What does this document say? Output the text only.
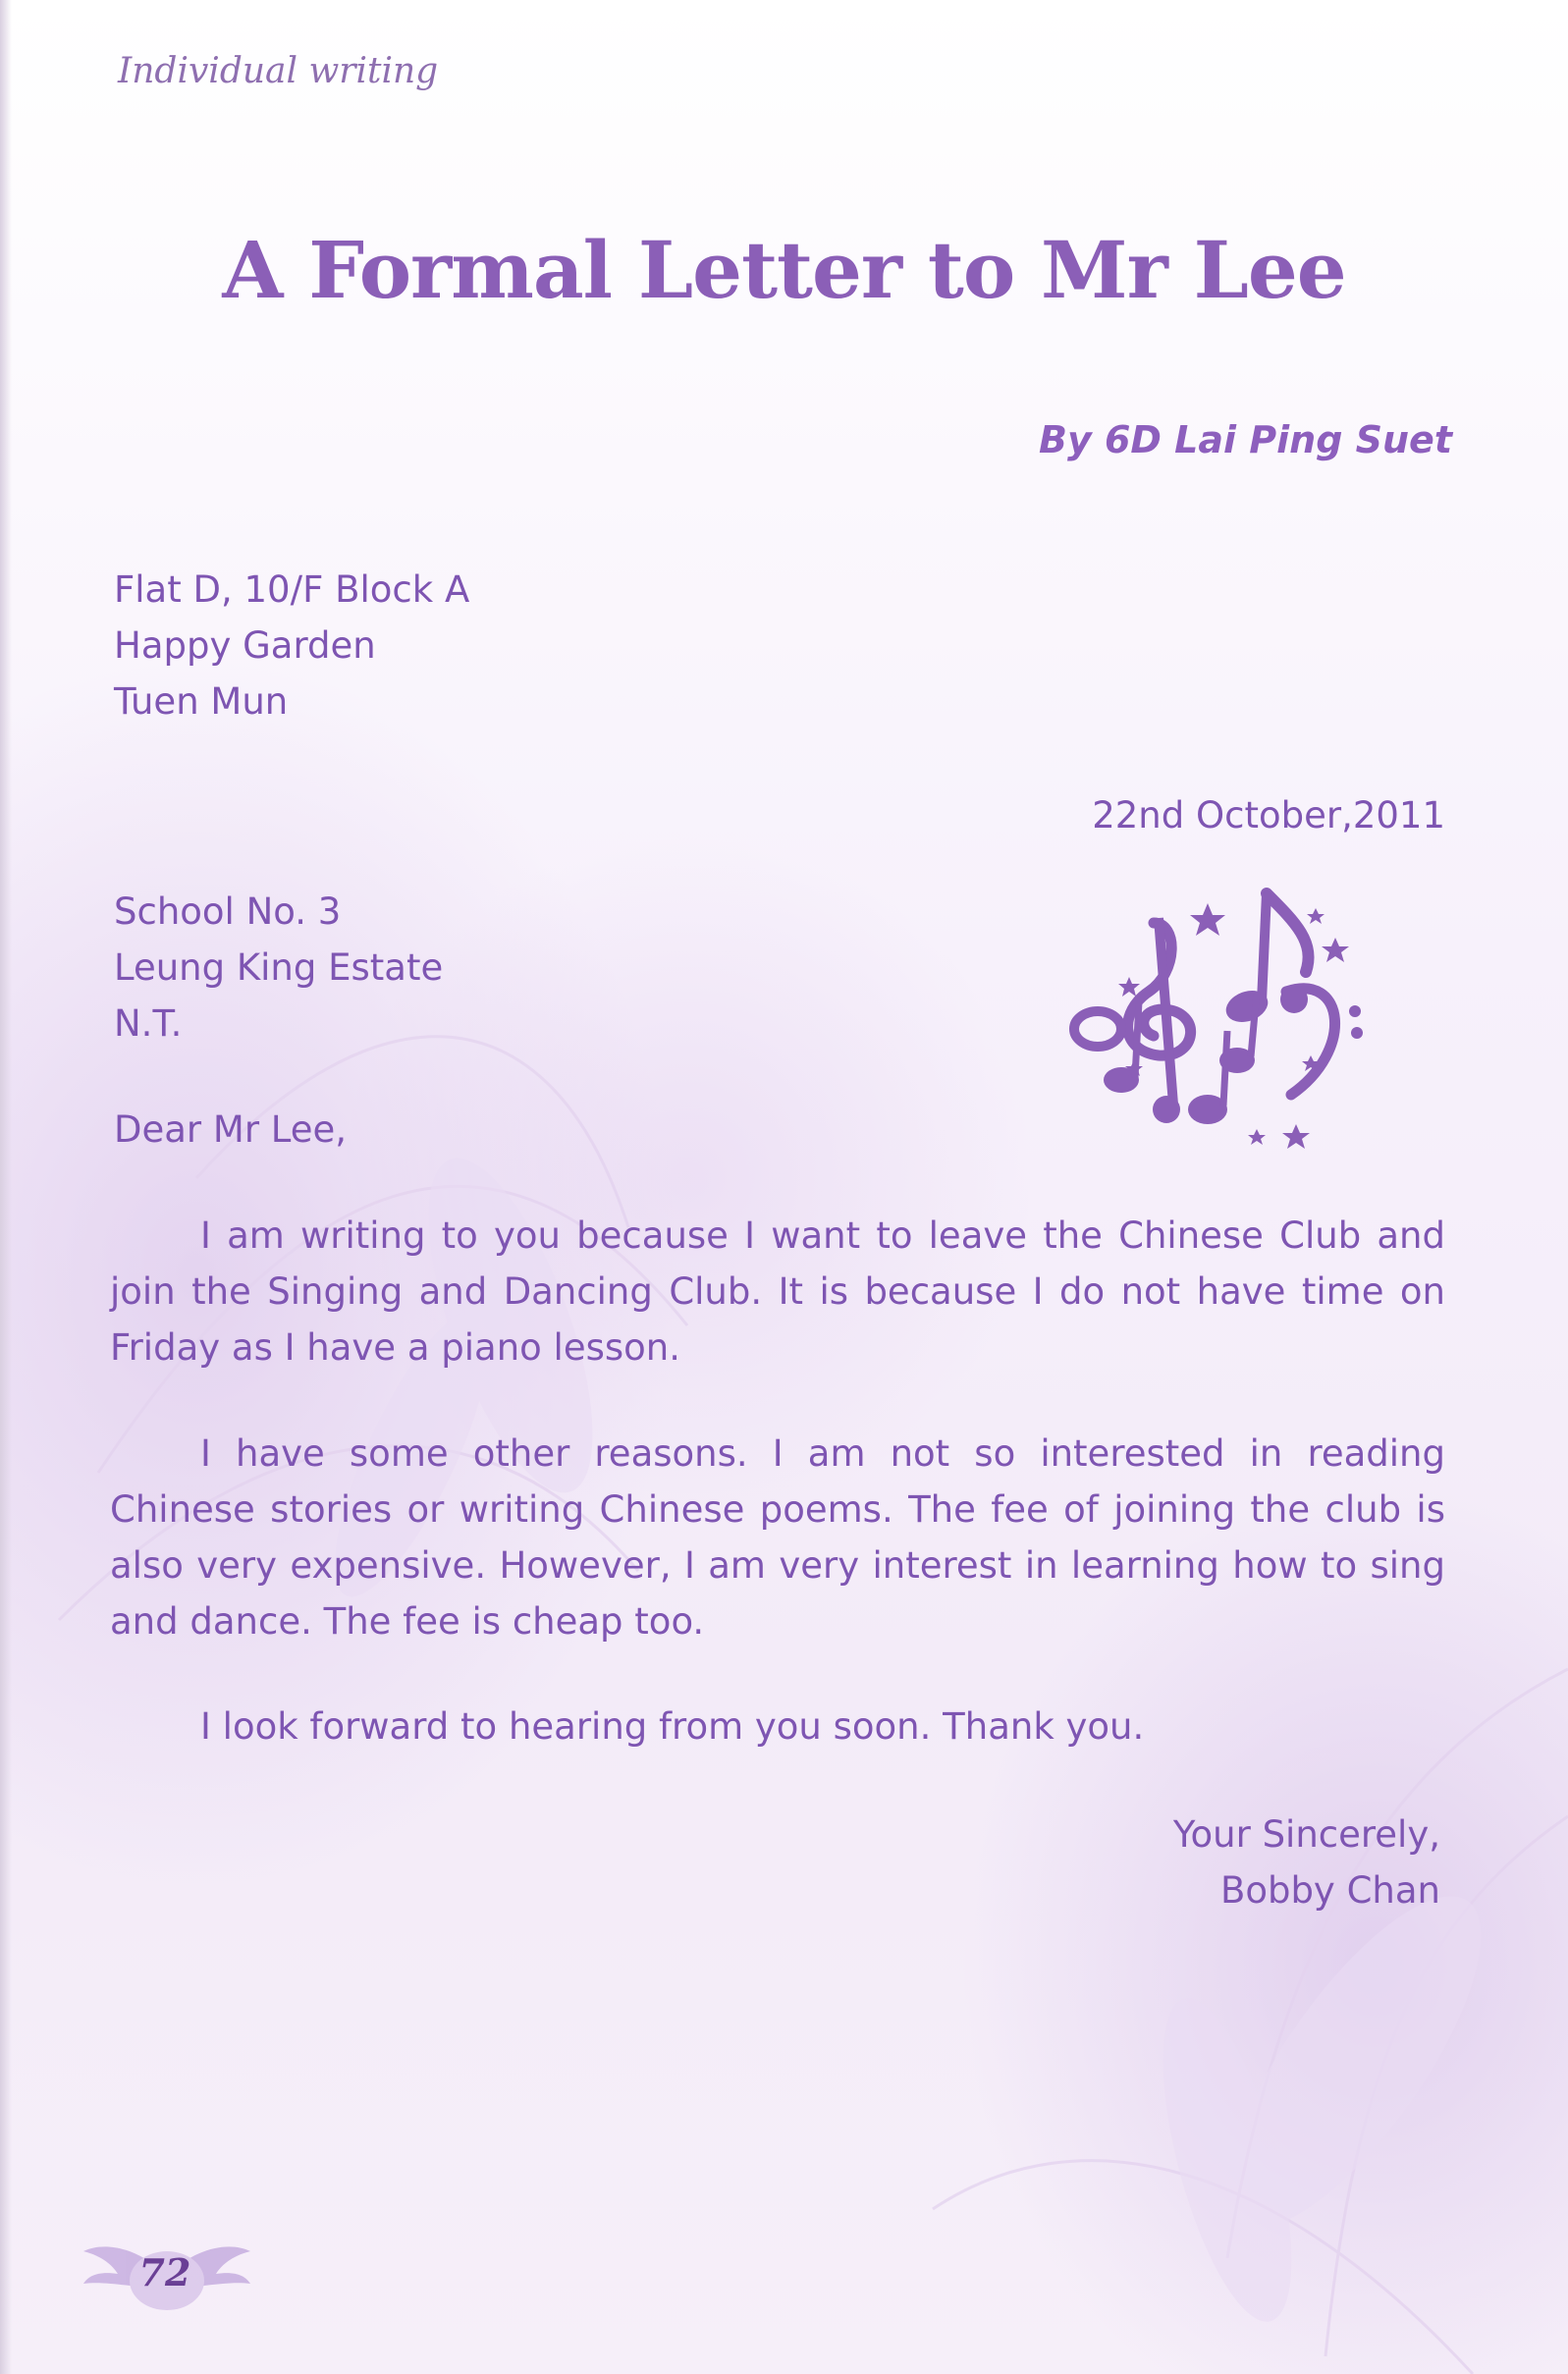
Individual writing
A Formal Letter to Mr Lee
By 6D Lai Ping Suet
Flat D, 10/F Block A
Happy Garden
Tuen Mun
22nd October,2011
School No. 3
Leung King Estate
N.T.
Dear Mr Lee,
I am writing to you because I want to leave the Chinese Club and join the Singing and Dancing Club. It is because I do not have time on Friday as I have a piano lesson.
I have some other reasons. I am not so interested in reading Chinese stories or writing Chinese poems. The fee of joining the club is also very expensive. However, I am very interest in learning how to sing and dance. The fee is cheap too.
I look forward to hearing from you soon. Thank you.
Your Sincerely,
Bobby Chan
72
